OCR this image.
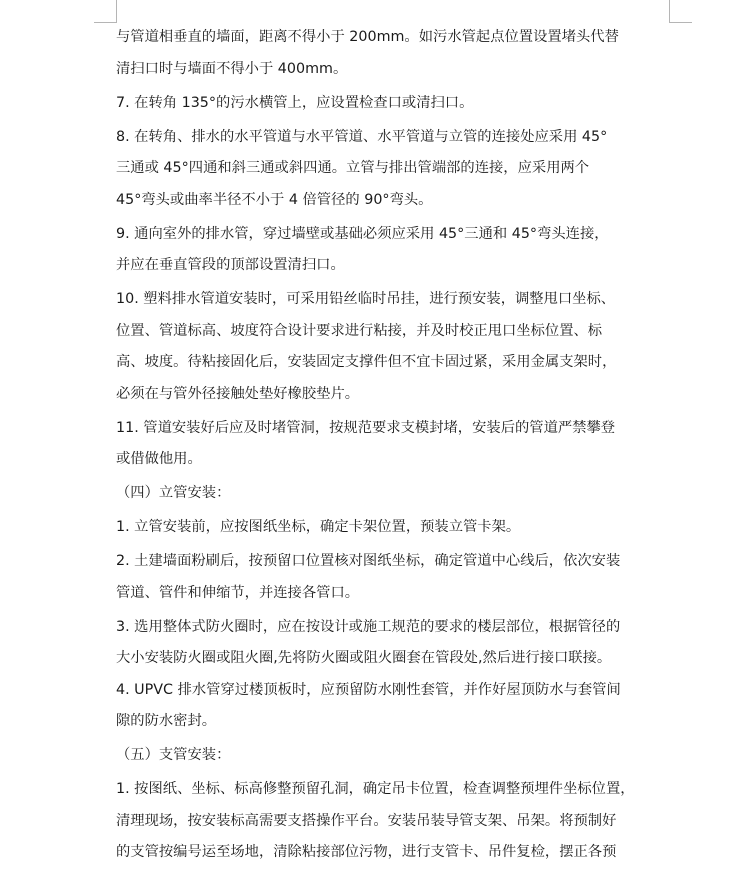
与管道相垂直的墙面，距离不得小于 200mm。如污水管起点位置设置堵头代替
清扫口时与墙面不得小于 400mm。
7. 在转角 135°的污水横管上，应设置检查口或清扫口。
8. 在转角、排水的水平管道与水平管道、水平管道与立管的连接处应采用 45°
三通或 45°四通和斜三通或斜四通。立管与排出管端部的连接，应采用两个
45°弯头或曲率半径不小于 4 倍管径的 90°弯头。
9. 通向室外的排水管，穿过墙壁或基础必须应采用 45°三通和 45°弯头连接，
并应在垂直管段的顶部设置清扫口。
10. 塑料排水管道安装时，可采用铅丝临时吊挂，进行预安装，调整甩口坐标、
位置、管道标高、坡度符合设计要求进行粘接，并及时校正甩口坐标位置、标
高、坡度。待粘接固化后，安装固定支撑件但不宜卡固过紧，采用金属支架时，
必须在与管外径接触处垫好橡胶垫片。
11. 管道安装好后应及时堵管洞，按规范要求支模封堵，安装后的管道严禁攀登
或借做他用。
（四）立管安装：
1. 立管安装前，应按图纸坐标，确定卡架位置，预装立管卡架。
2. 土建墙面粉刷后，按预留口位置核对图纸坐标，确定管道中心线后，依次安装
管道、管件和伸缩节，并连接各管口。
3. 选用整体式防火圈时，应在按设计或施工规范的要求的楼层部位，根据管径的
大小安装防火圈或阻火圈,先将防火圈或阻火圈套在管段处,然后进行接口联接。
4. UPVC 排水管穿过楼顶板时，应预留防水刚性套管，并作好屋顶防水与套管间
隙的防水密封。
（五）支管安装：
1. 按图纸、坐标、标高修整预留孔洞，确定吊卡位置，检查调整预埋件坐标位置，
清理现场，按安装标高需要支搭操作平台。安装吊装导管支架、吊架。将预制好
的支管按编号运至场地，清除粘接部位污物，进行支管卡、吊件复检，摆正各预
